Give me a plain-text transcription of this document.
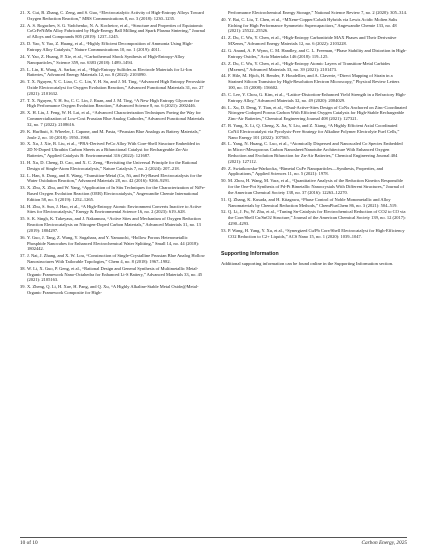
21.X. Cui, B. Zhang, C. Zeng, and S. Guo, “Electrocatalytic Activity of High-Entropy Alloys Toward Oxygen Reduction Reaction,” MRS Communications 8, no. 3 (2018): 1230–1235.
22.A. S. Rogachev, S. G. Vadchenko, N. A. Kochetov, et al., “Structure and Properties of Equiatomic CoCrFeNiMn Alloy Fabricated by High-Energy Ball Milling and Spark Plasma Sintering,” Journal of Alloys and Compounds 805 (2019): 1237–1245.
23.D. Yao, Y. Yao, Z. Huang, et al., “Highly Efficient Decomposition of Ammonia Using High-Entropy Alloy Catalysts,” Nature Communications 10, no. 1 (2019): 4011.
24.Y. Yao, Z. Huang, P. Xie, et al., “Carbothermal Shock Synthesis of High-Entropy-Alloy Nanoparticles,” Science 359, no. 6383 (2018): 1489–1494.
25.L. Lin, K. Wang, A. Sarkar, et al., “High-Entropy Sulfides as Electrode Materials for Li-Ion Batteries,” Advanced Energy Materials 12, no. 8 (2022): 2103090.
26.T. X. Nguyen, Y. C. Liao, C. C. Lin, Y. H. Su, and J. M. Ting, “Advanced High Entropy Perovskite Oxide Electrocatalyst for Oxygen Evolution Reaction,” Advanced Functional Materials 31, no. 27 (2021): 2101632.
27.T. X. Nguyen, Y. H. Su, C. C. Lin, J. Ruan, and J. M. Ting, “A New High Entropy Glycerate for High Performance Oxygen Evolution Reaction,” Advanced Science 8, no. 6 (2021): 2002446.
28.X. H. Liu, J. Feng, W. H. Lai, et al., “Advanced Characterization Techniques Paving the Way for Commercialization of Low-Cost Prussian Blue Analog Cathodes,” Advanced Functional Materials 32, no. 7 (2022): 2108616.
29.K. Hurlbutt, S. Wheeler, I. Capone, and M. Pasta, “Prussian Blue Analogs as Battery Materials,” Joule 2, no. 10 (2018): 1950–1960.
30.X. Xu, J. Xie, B. Liu, et al., “PBA-Derived FeCo Alloy With Core-Shell Structure Embedded in 2D N-Doped Ultrathin Carbon Sheets as a Bifunctional Catalyst for Rechargeable Zn-Air Batteries,” Applied Catalysis B: Environmental 316 (2022): 121687.
31.H. Xu, D. Cheng, D. Cao, and X. C. Zeng, “Revisiting the Universal Principle for the Rational Design of Single-Atom Electrocatalysts,” Nature Catalysis 7, no. 2 (2024): 207–218.
32.L. Han, S. Dong, and E. Wang, “Transition-Metal (Co, Ni, and Fe)-Based Electrocatalysts for the Water Oxidation Reaction,” Advanced Materials 28, no. 42 (2016): 9266–9291.
33.X. Zhu, X. Zhu, and W. Yang, “Application of In Situ Techniques for the Characterization of NiFe-Based Oxygen Evolution Reaction (OER) Electrocatalysts,” Angewandte Chemie International Edition 58, no. 5 (2019): 1252–1265.
34.H. Zhu, S. Sun, J. Hao, et al., “A High-Entropy Atomic Environment Converts Inactive to Active Sites for Electrocatalysis,” Energy & Environmental Science 16, no. 2 (2023): 619–628.
35.S. K. Singh, K. Takeyasu, and J. Nakamura, “Active Sites and Mechanism of Oxygen Reduction Reaction Electrocatalysis on Nitrogen-Doped Carbon Materials,” Advanced Materials 31, no. 13 (2019): 1804297.
36.Y. Guo, J. Tang, Z. Wang, Y. Sugahara, and Y. Yamauchi, “Hollow Porous Heterometallic Phosphide Nanocubes for Enhanced Electrochemical Water Splitting,” Small 14, no. 44 (2018): 1802442.
37.J. Nai, J. Zhang, and X. W. Lou, “Construction of Single-Crystalline Prussian Blue Analog Hollow Nanostructures With Tailorable Topologies,” Chem 4, no. 8 (2018): 1967–1982.
38.W. Li, X. Guo, P. Geng, et al., “Rational Design and General Synthesis of Multimetallic Metal-Organic Framework Nano-Octahedra for Enhanced Li-S Battery,” Advanced Materials 33, no. 45 (2021): 2105163.
39.X. Zheng, Q. Li, H. Xue, H. Pang, and Q. Xu, “A Highly Alkaline-Stable Metal Oxide@Metal-Organic Framework Composite for High-
Performance Electrochemical Energy Storage,” National Science Review 7, no. 2 (2020): 305–314.
40.Y. Bai, C. Liu, T. Chen, et al., “MXene-Copper/Cobalt Hybrids via Lewis Acidic Molten Salts Etching for High Performance Symmetric Supercapacitors,” Angewandte Chemie 133, no. 48 (2021): 25522–25526.
41.Z. Du, C. Wu, Y. Chen, et al., “High-Entropy Carbonitride MAX Phases and Their Derivative MXenes,” Advanced Energy Materials 12, no. 6 (2022): 2103228.
42.G. Anand, A. P. Wynn, C. M. Handley, and C. L. Freeman, “Phase Stability and Distortion in High-Entropy Oxides,” Acta Materialia 146 (2018): 119–125.
43.Z. Du, C. Wu, Y. Chen, et al., “High-Entropy Atomic Layers of Transition-Metal Carbides (Mxenes),” Advanced Materials 33, no. 39 (2021): 2101473.
44.F. Hile, M. Hjtch, H. Bender, F. Houdellier, and A. Claverie, “Direct Mapping of Strain in a Strained Silicon Transistor by High-Resolution Electron Microscopy,” Physical Review Letters 100, no. 15 (2008): 156602.
45.C. Lee, Y. Chou, G. Kim, et al., “Lattice-Distortion-Enhanced Yield Strength in a Refractory High-Entropy Alloy,” Advanced Materials 32, no. 49 (2020): 2004029.
46.L. Xu, D. Deng, Y. Tian, et al., “Dual-Active-Sites Design of CoNx Anchored on Zinc-Coordinated Nitrogen-Codoped Porous Carbon With Efficient Oxygen Catalysis for High-Stable Rechargeable Zinc-Air Batteries,” Chemical Engineering Journal 408 (2021): 127321.
47.B. Yang, X. Li, Q. Cheng, X. Jia, Y. Liu, and Z. Xiang, “A Highly Efficient Axial Coordinated CoN4 Electrocatalyst via Pyrolysis-Free Strategy for Alkaline Polymer Electrolyte Fuel Cells,” Nano Energy 101 (2022): 107565.
48.L. Yang, N. Huang, C. Luo, et al., “Atomically Dispersed and Nanoscaled Co Species Embedded in Micro-/Mesoporous Carbon Nanosheet/Nanotube Architecture With Enhanced Oxygen Reduction and Evolution Bifunction for Zn-Air Batteries,” Chemical Engineering Journal 404 (2021): 127112.
49.Z. Swiatkowska-Warkocka, “Bimetal CuFe Nanoparticles—Synthesis, Properties, and Applications,” Applied Sciences 11, no. 5 (2021): 1978.
50.M. Zhou, H. Wang, M. Vara, et al., “Quantitative Analysis of the Reduction Kinetics Responsible for the One-Pot Synthesis of Pd-Pt Bimetallic Nanocrystals With Different Structures,” Journal of the American Chemical Society 138, no. 37 (2016): 12263–12270.
51.Q. Zhang, K. Kusada, and H. Kitagawa, “Phase Control of Noble Monometallic and Alloy Nanomaterials by Chemical Reduction Methods,” ChemPlusChem 86, no. 3 (2021): 504–519.
52.Q. Li, J. Fu, W. Zhu, et al., “Tuning Sn-Catalysis for Electrochemical Reduction of CO2 to CO via the Core/Shell Cu/SnO2 Structure,” Journal of the American Chemical Society 139, no. 12 (2017): 4290–4293.
53.P. Wang, H. Yang, Y. Xu, et al., “Synergized Cu/Pb Core/Shell Electrocatalyst for High-Efficiency CO2 Reduction to C2+ Liquids,” ACS Nano 15, no. 1 (2020): 1039–1047.
Supporting Information
Additional supporting information can be found online in the Supporting Information section.
10 of 10	Carbon Energy, 2025
